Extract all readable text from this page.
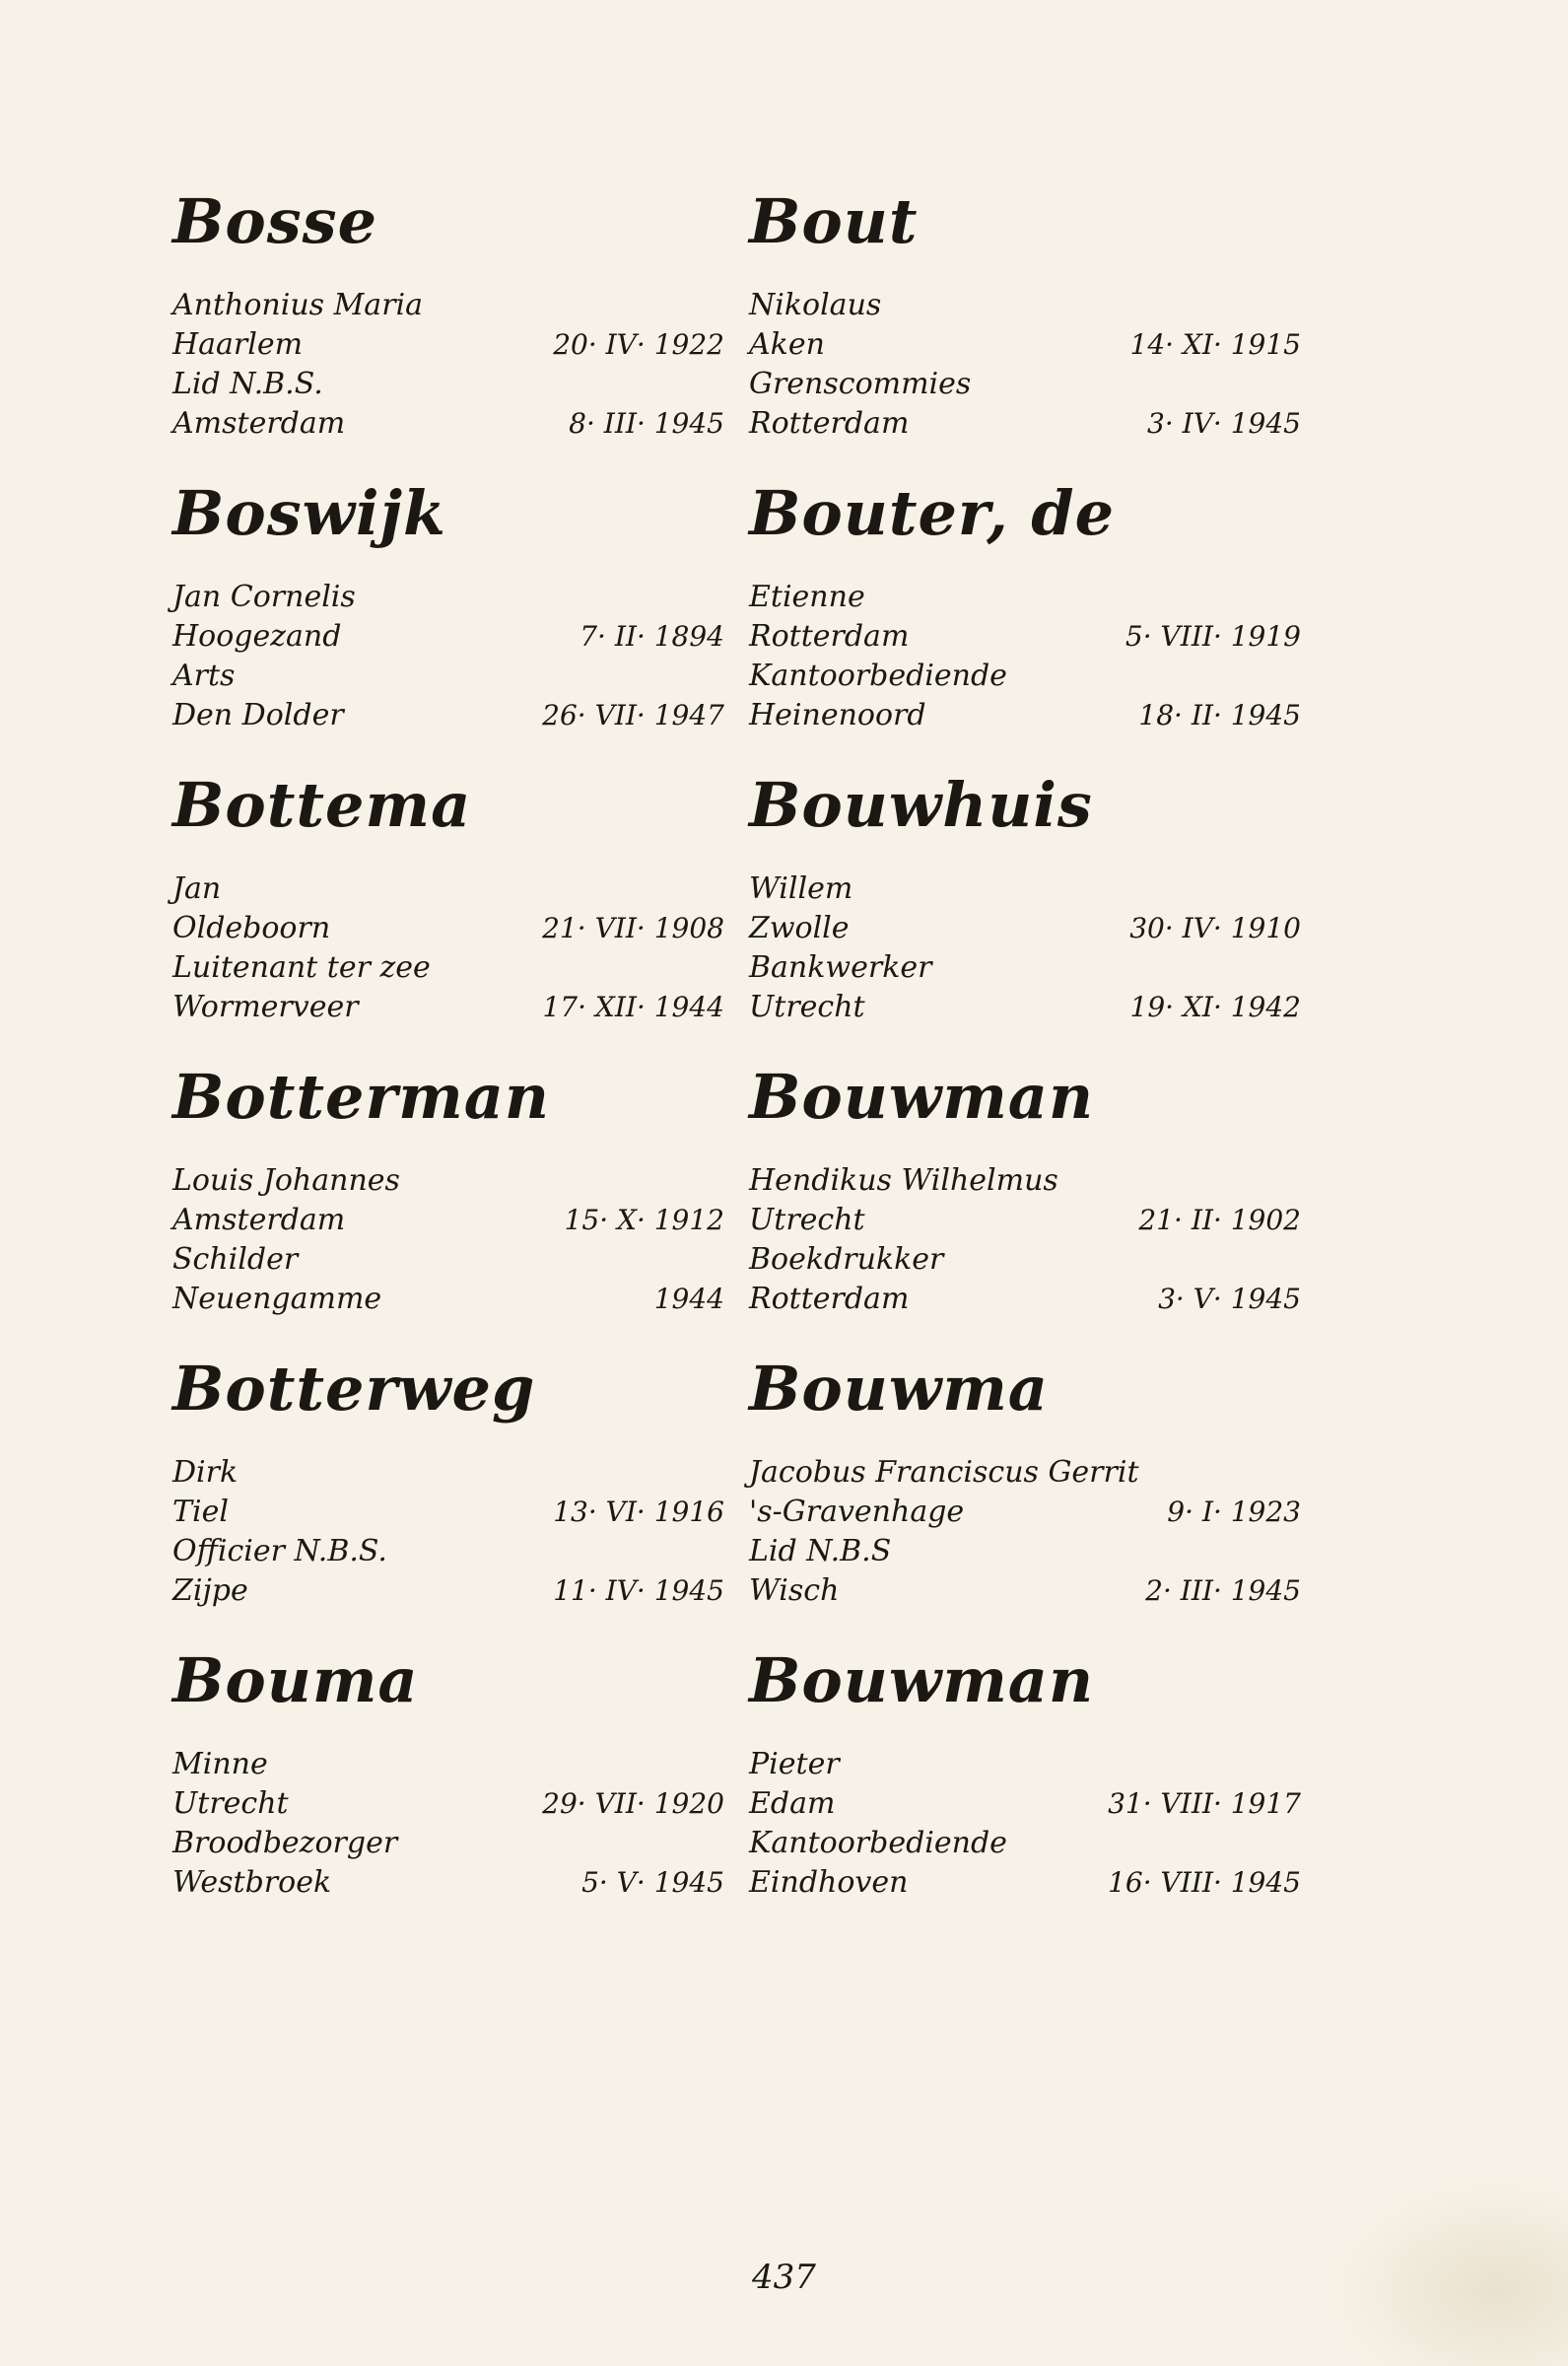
Bosse
Anthonius Maria
Haarlem	20· IV· 1922
Lid N.B.S.
Amsterdam	8· III· 1945
Boswijk
Jan Cornelis
Hoogezand	7· II· 1894
Arts
Den Dolder	26· VII· 1947
Bottema
Jan
Oldeboorn	21· VII· 1908
Luitenant ter zee
Wormerveer	17· XII· 1944
Botterman
Louis Johannes
Amsterdam	15· X· 1912
Schilder
Neuengamme	1944
Botterweg
Dirk
Tiel	13· VI· 1916
Officier N.B.S.
Zijpe	11· IV· 1945
Bouma
Minne
Utrecht	29· VII· 1920
Broodbezorger
Westbroek	5· V· 1945
Bout
Nikolaus
Aken	14· XI· 1915
Grenscommies
Rotterdam	3· IV· 1945
Bouter, de
Etienne
Rotterdam	5· VIII· 1919
Kantoorbediende
Heinenoord	18· II· 1945
Bouwhuis
Willem
Zwolle	30· IV· 1910
Bankwerker
Utrecht	19· XI· 1942
Bouwman
Hendikus Wilhelmus
Utrecht	21· II· 1902
Boekdrukker
Rotterdam	3· V· 1945
Bouwma
Jacobus Franciscus Gerrit
's-Gravenhage	9· I· 1923
Lid N.B.S
Wisch	2· III· 1945
Bouwman
Pieter
Edam	31· VIII· 1917
Kantoorbediende
Eindhoven	16· VIII· 1945
437
